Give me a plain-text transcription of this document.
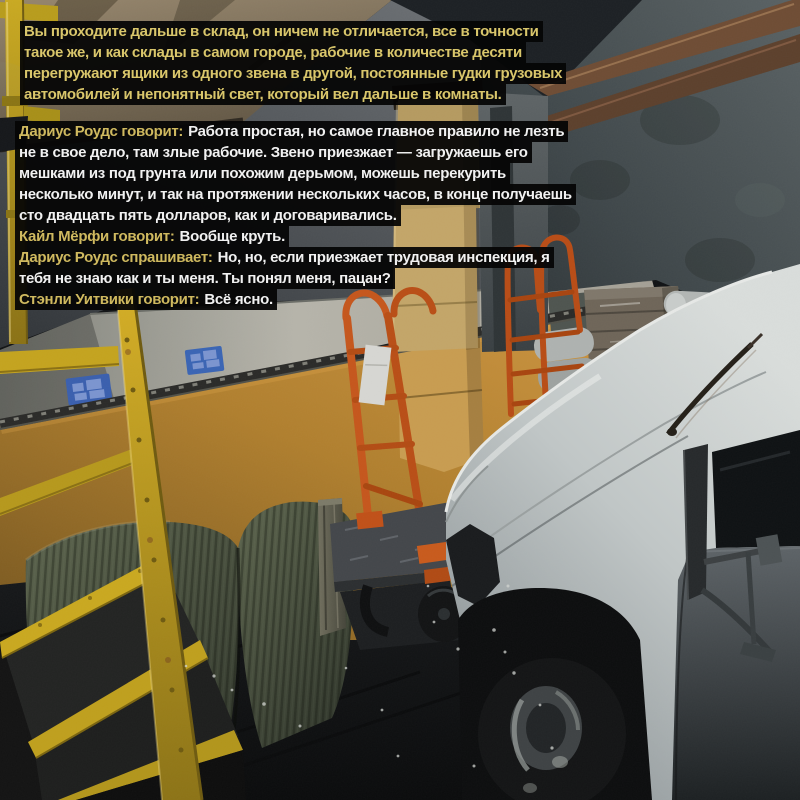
Вы проходите дальше в склад, он ничем не отличается, все в точности
такое же, и как склады в самом городе, рабочие в количестве десяти
перегружают ящики из одного звена в другой, постоянные гудки грузовых
автомобилей и непонятный свет, который вел дальше в комнаты.
Дариус Роудс говорит: Работа простая, но самое главное правило не лезть
не в свое дело, там злые рабочие. Звено приезжает — загружаешь его
мешками из под грунта или похожим дерьмом, можешь перекурить
несколько минут, и так на протяжении нескольких часов, в конце получаешь
сто двадцать пять долларов, как и договаривались.
Кайл Мёрфи говорит: Вообще круть.
Дариус Роудс спрашивает: Но, но, если приезжает трудовая инспекция, я
тебя не знаю как и ты меня. Ты понял меня, пацан?
Стэнли Уитвики говорит: Всё ясно.
